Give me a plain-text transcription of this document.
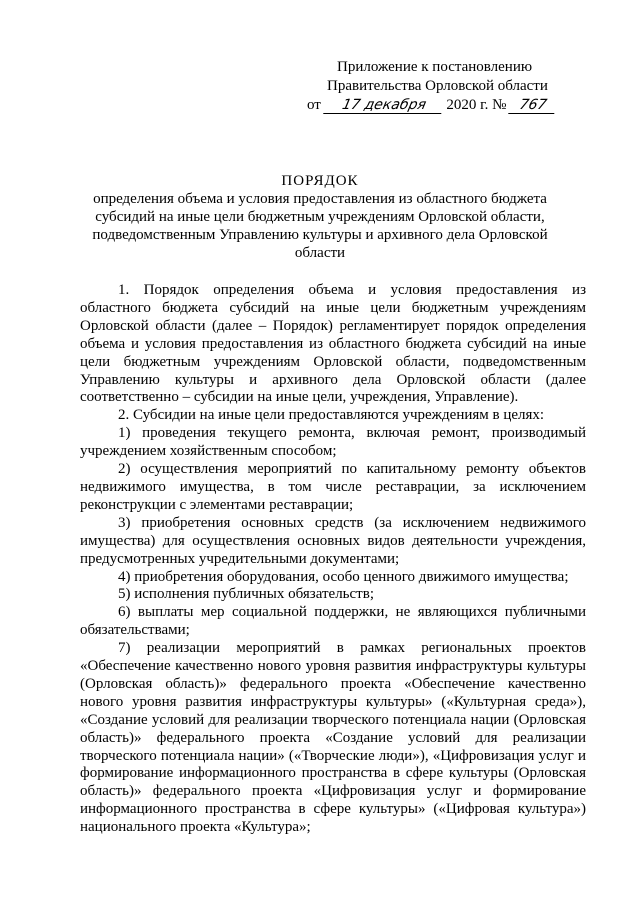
Приложение к постановлению
Правительства Орловской области
от 17 декабря 2020 г. № 767
ПОРЯДОК
определения объема и условия предоставления из областного бюджета субсидий на иные цели бюджетным учреждениям Орловской области, подведомственным Управлению культуры и архивного дела Орловской области

1. Порядок определения объема и условия предоставления из областного бюджета субсидий на иные цели бюджетным учреждениям Орловской области (далее – Порядок) регламентирует порядок определения объема и условия предоставления из областного бюджета субсидий на иные цели бюджетным учреждениям Орловской области, подведомственным Управлению культуры и архивного дела Орловской области (далее соответственно – субсидии на иные цели, учреждения, Управление).

2. Субсидии на иные цели предоставляются учреждениям в целях:

1) проведения текущего ремонта, включая ремонт, производимый учреждением хозяйственным способом;

2) осуществления мероприятий по капитальному ремонту объектов недвижимого имущества, в том числе реставрации, за исключением реконструкции с элементами реставрации;

3) приобретения основных средств (за исключением недвижимого имущества) для осуществления основных видов деятельности учреждения, предусмотренных учредительными документами;

4) приобретения оборудования, особо ценного движимого имущества;

5) исполнения публичных обязательств;

6) выплаты мер социальной поддержки, не являющихся публичными обязательствами;

7) реализации мероприятий в рамках региональных проектов «Обеспечение качественно нового уровня развития инфраструктуры культуры (Орловская область)» федерального проекта «Обеспечение качественно нового уровня развития инфраструктуры культуры» («Культурная среда»), «Создание условий для реализации творческого потенциала нации (Орловская область)» федерального проекта «Создание условий для реализации творческого потенциала нации» («Творческие люди»), «Цифровизация услуг и формирование информационного пространства в сфере культуры (Орловская область)» федерального проекта «Цифровизация услуг и формирование информационного пространства в сфере культуры» («Цифровая культура») национального проекта «Культура»;
